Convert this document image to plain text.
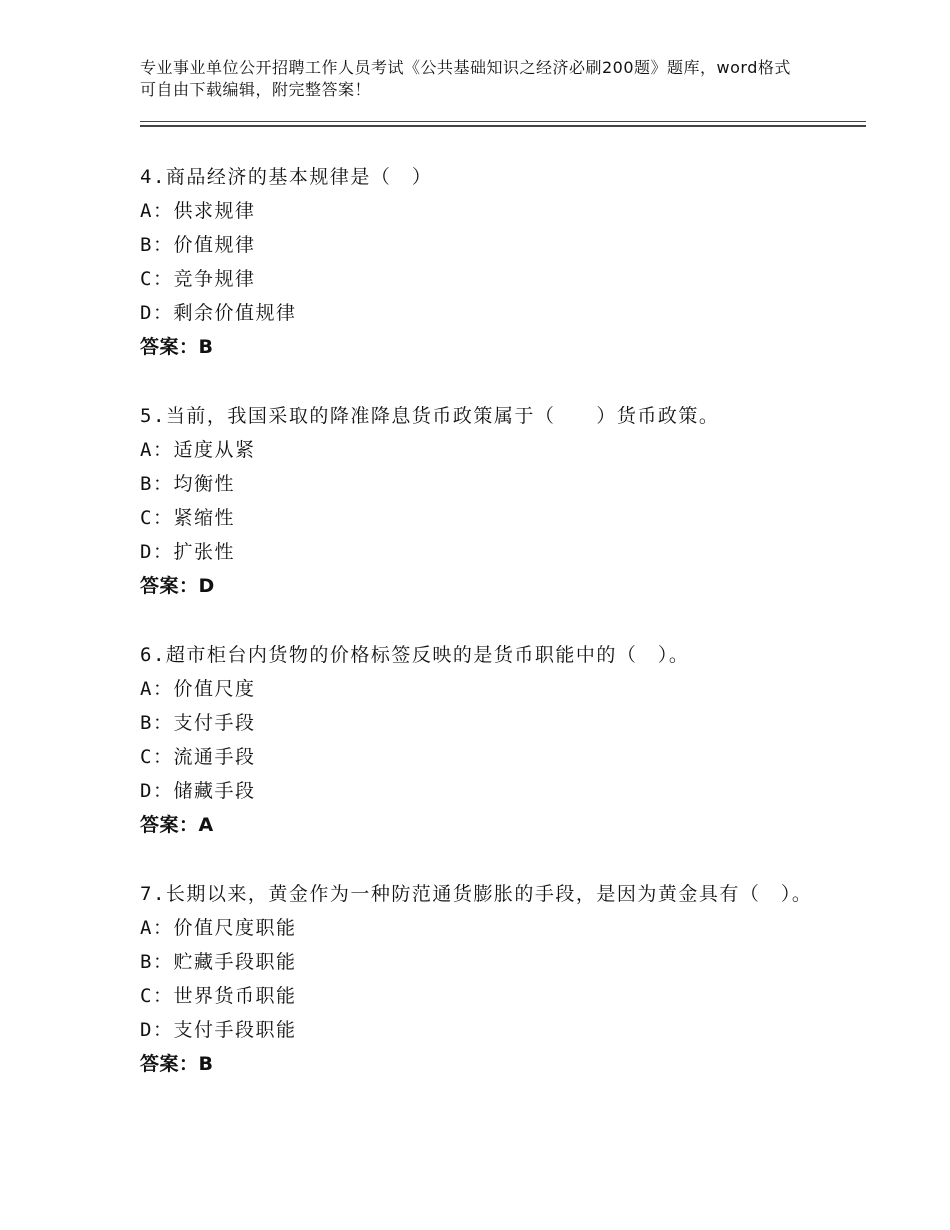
专业事业单位公开招聘工作人员考试《公共基础知识之经济必刷200题》题库，word格式可自由下载编辑，附完整答案！

4.商品经济的基本规律是（　）

A：供求规律

B：价值规律

C：竞争规律

D：剩余价值规律

答案：B

5.当前，我国采取的降准降息货币政策属于（　　）货币政策。

A：适度从紧

B：均衡性

C：紧缩性

D：扩张性

答案：D

6.超市柜台内货物的价格标签反映的是货币职能中的（　）。

A：价值尺度

B：支付手段

C：流通手段

D：储藏手段

答案：A

7.长期以来，黄金作为一种防范通货膨胀的手段，是因为黄金具有（　）。

A：价值尺度职能

B：贮藏手段职能

C：世界货币职能

D：支付手段职能

答案：B
